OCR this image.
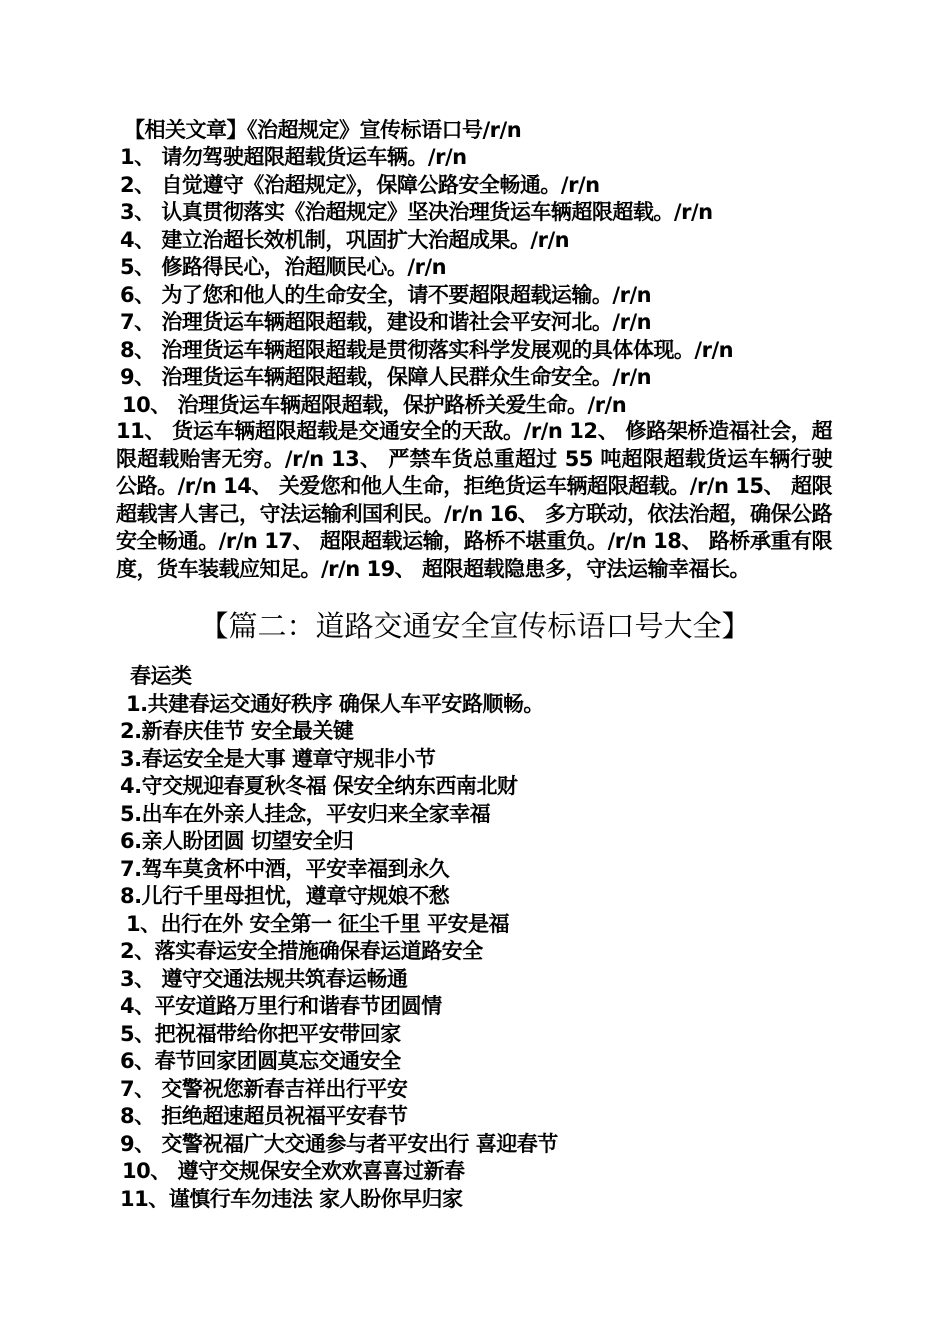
【相关文章】《治超规定》宣传标语口号/r/n
1、 请勿驾驶超限超载货运车辆。/r/n
2、 自觉遵守《治超规定》，保障公路安全畅通。/r/n
3、 认真贯彻落实《治超规定》坚决治理货运车辆超限超载。/r/n
4、 建立治超长效机制，巩固扩大治超成果。/r/n
5、 修路得民心，治超顺民心。/r/n
6、 为了您和他人的生命安全，请不要超限超载运输。/r/n
7、 治理货运车辆超限超载，建设和谐社会平安河北。/r/n
8、 治理货运车辆超限超载是贯彻落实科学发展观的具体体现。/r/n
9、 治理货运车辆超限超载，保障人民群众生命安全。/r/n
10、 治理货运车辆超限超载，保护路桥关爱生命。/r/n
11、 货运车辆超限超载是交通安全的天敌。/r/n 12、 修路架桥造福社会，超限超载贻害无穷。/r/n 13、 严禁车货总重超过 55 吨超限超载货运车辆行驶公路。/r/n 14、 关爱您和他人生命，拒绝货运车辆超限超载。/r/n 15、 超限超载害人害己，守法运输利国利民。/r/n 16、 多方联动，依法治超，确保公路安全畅通。/r/n 17、 超限超载运输，路桥不堪重负。/r/n 18、 路桥承重有限度，货车装载应知足。/r/n 19、 超限超载隐患多，守法运输幸福长。
【篇二：道路交通安全宣传标语口号大全】
春运类
1.共建春运交通好秩序 确保人车平安路顺畅。
2.新春庆佳节 安全最关键
3.春运安全是大事 遵章守规非小节
4.守交规迎春夏秋冬福 保安全纳东西南北财
5.出车在外亲人挂念，平安归来全家幸福
6.亲人盼团圆 切望安全归
7.驾车莫贪杯中酒，平安幸福到永久
8.儿行千里母担忧，遵章守规娘不愁
1、出行在外 安全第一 征尘千里 平安是福
2、落实春运安全措施确保春运道路安全
3、 遵守交通法规共筑春运畅通
4、平安道路万里行和谐春节团圆情
5、把祝福带给你把平安带回家
6、春节回家团圆莫忘交通安全
7、 交警祝您新春吉祥出行平安
8、 拒绝超速超员祝福平安春节
9、 交警祝福广大交通参与者平安出行 喜迎春节
10、 遵守交规保安全欢欢喜喜过新春
11、谨慎行车勿违法 家人盼你早归家
